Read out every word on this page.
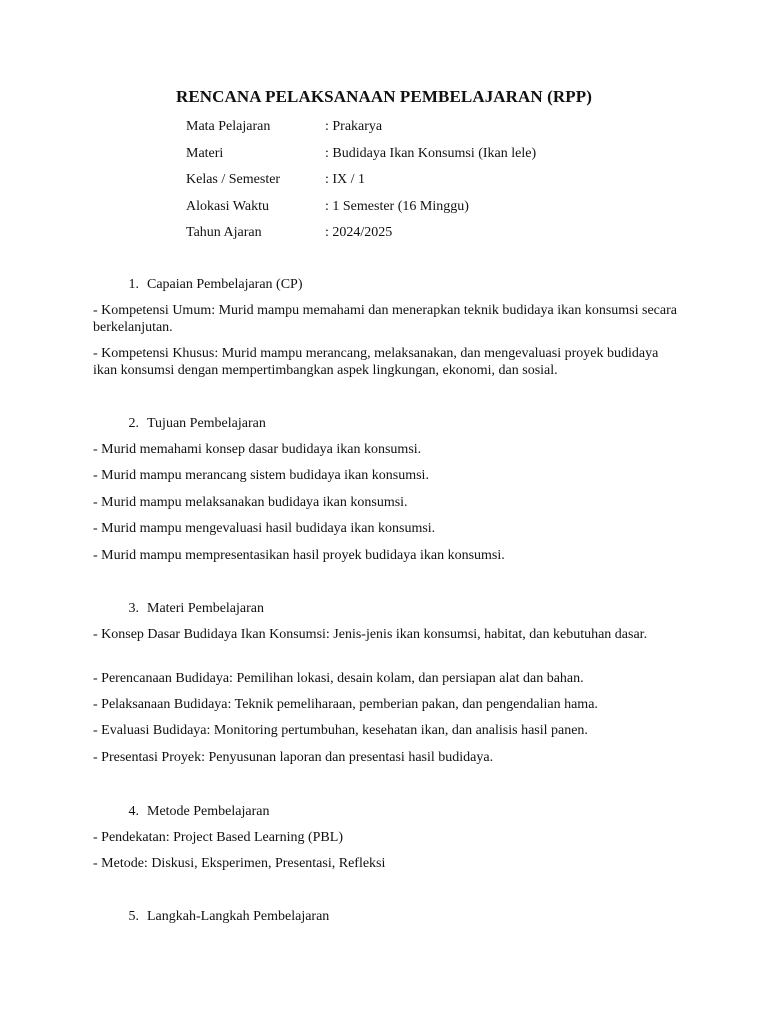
RENCANA PELAKSANAAN PEMBELAJARAN (RPP)
Mata Pelajaran	: Prakarya
Materi	: Budidaya Ikan Konsumsi (Ikan lele)
Kelas / Semester	: IX / 1
Alokasi Waktu	: 1 Semester (16 Minggu)
Tahun Ajaran	: 2024/2025
1. Capaian Pembelajaran (CP)

- Kompetensi Umum: Murid mampu memahami dan menerapkan teknik budidaya ikan konsumsi secara berkelanjutan.

- Kompetensi Khusus: Murid mampu merancang, melaksanakan, dan mengevaluasi proyek budidaya ikan konsumsi dengan mempertimbangkan aspek lingkungan, ekonomi, dan sosial.

2. Tujuan Pembelajaran

- Murid memahami konsep dasar budidaya ikan konsumsi.

- Murid mampu merancang sistem budidaya ikan konsumsi.

- Murid mampu melaksanakan budidaya ikan konsumsi.

- Murid mampu mengevaluasi hasil budidaya ikan konsumsi.

- Murid mampu mempresentasikan hasil proyek budidaya ikan konsumsi.

3. Materi Pembelajaran

- Konsep Dasar Budidaya Ikan Konsumsi: Jenis-jenis ikan konsumsi, habitat, dan kebutuhan dasar.

- Perencanaan Budidaya: Pemilihan lokasi, desain kolam, dan persiapan alat dan bahan.

- Pelaksanaan Budidaya: Teknik pemeliharaan, pemberian pakan, dan pengendalian hama.

- Evaluasi Budidaya: Monitoring pertumbuhan, kesehatan ikan, dan analisis hasil panen.

- Presentasi Proyek: Penyusunan laporan dan presentasi hasil budidaya.

4. Metode Pembelajaran

- Pendekatan: Project Based Learning (PBL)

- Metode: Diskusi, Eksperimen, Presentasi, Refleksi

5. Langkah-Langkah Pembelajaran
